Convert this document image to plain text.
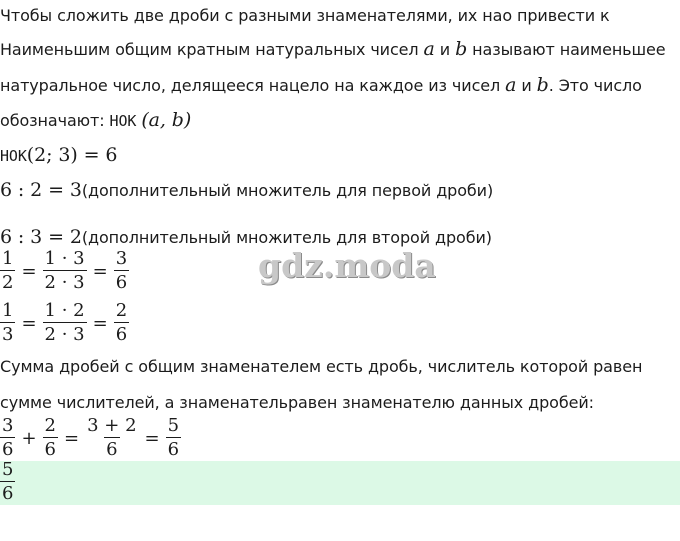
gdz.moda
Чтобы сложить две дроби с разными знаменателями, их нао привести к
Наименьшим общим кратным натуральных чисел a и b называют наименьшее
натуральное число, делящееся нацело на каждое из чисел a и b. Это число
обозначают: НОК (a, b)
НОК(2; 3) = 6
6 : 2 = 3(дополнительный множитель для первой дроби)
6 : 3 = 2(дополнительный множитель для второй дроби)
$\frac{1}{2} = \frac{1 \cdot 3}{2 \cdot 3} = \frac{3}{6}$
$\frac{1}{3} = \frac{1 \cdot 2}{2 \cdot 3} = \frac{2}{6}$
Сумма дробей с общим знаменателем есть дробь, числитель которой равен
сумме числителей, а знаменательравен знаменателю данных дробей:
$\frac{3}{6} + \frac{2}{6} = \frac{3 + 2}{6} = \frac{5}{6}$
$\frac{5}{6}$
